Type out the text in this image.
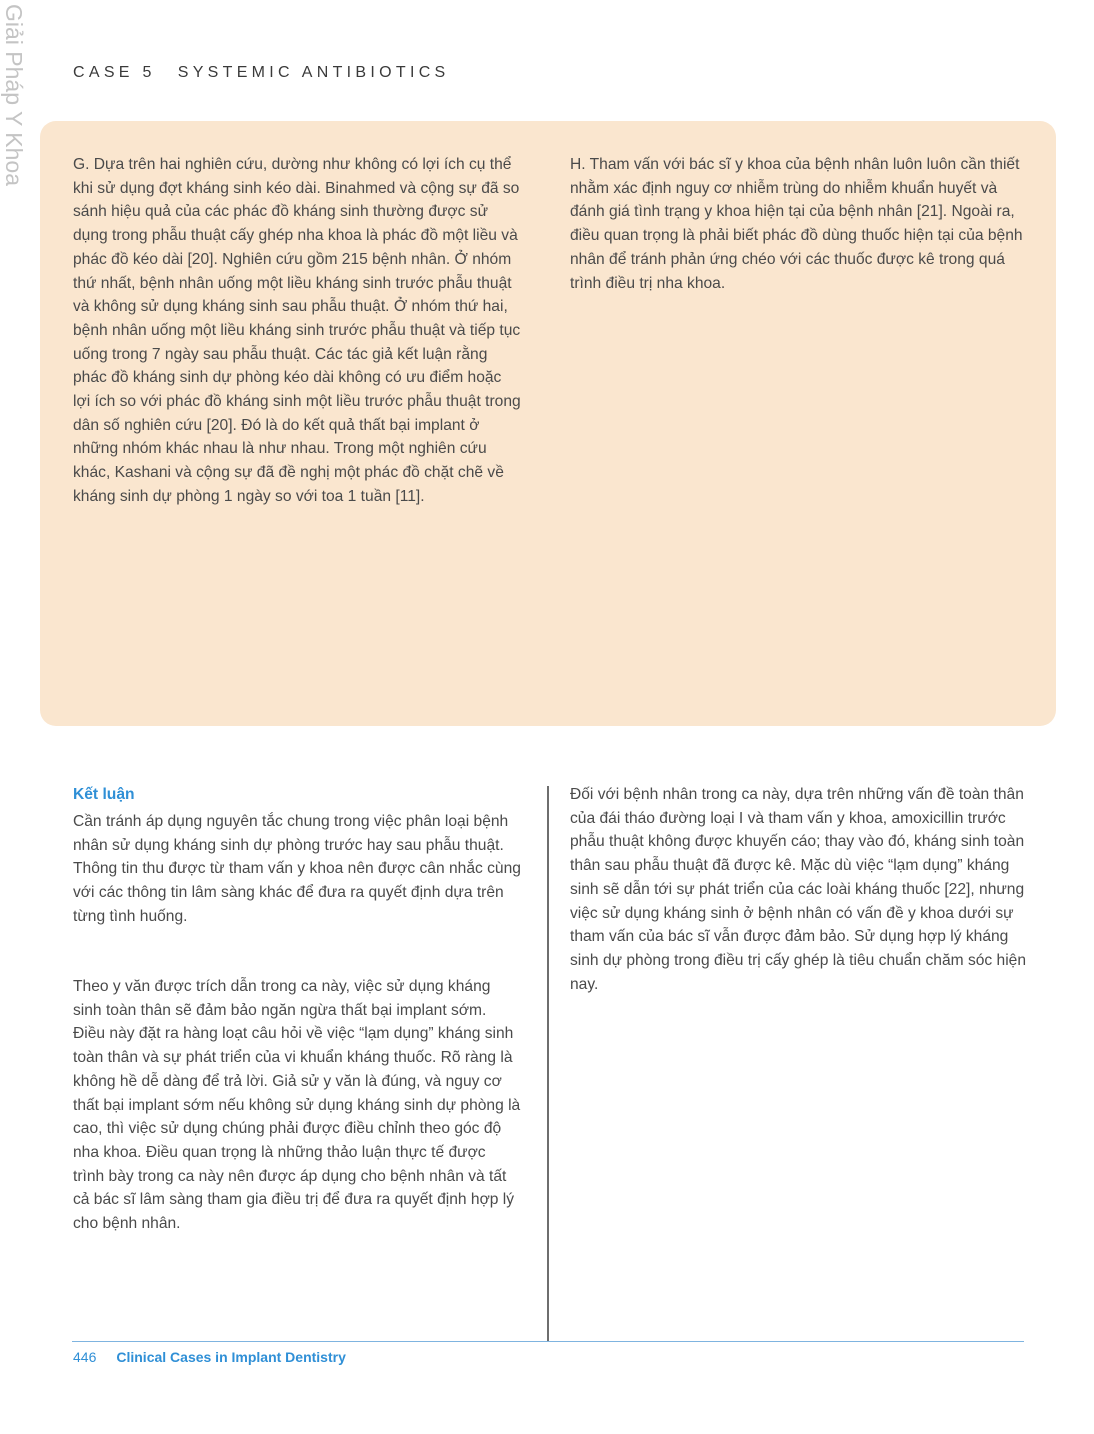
Giải Pháp Y Khoa	CASE 5 SYSTEMIC ANTIBIOTICS

G. Dựa trên hai nghiên cứu, dường như không có lợi ích cụ thể khi sử dụng đợt kháng sinh kéo dài. Binahmed và cộng sự đã so sánh hiệu quả của các phác đồ kháng sinh thường được sử dụng trong phẫu thuật cấy ghép nha khoa là phác đồ một liều và phác đồ kéo dài [20]. Nghiên cứu gồm 215 bệnh nhân. Ở nhóm thứ nhất, bệnh nhân uống một liều kháng sinh trước phẫu thuật và không sử dụng kháng sinh sau phẫu thuật. Ở nhóm thứ hai, bệnh nhân uống một liều kháng sinh trước phẫu thuật và tiếp tục uống trong 7 ngày sau phẫu thuật. Các tác giả kết luận rằng phác đồ kháng sinh dự phòng kéo dài không có ưu điểm hoặc lợi ích so với phác đồ kháng sinh một liều trước phẫu thuật trong dân số nghiên cứu [20]. Đó là do kết quả thất bại implant ở những nhóm khác nhau là như nhau. Trong một nghiên cứu khác, Kashani và cộng sự đã đề nghị một phác đồ chặt chẽ về kháng sinh dự phòng 1 ngày so với toa 1 tuần [11].

H. Tham vấn với bác sĩ y khoa của bệnh nhân luôn luôn cần thiết nhằm xác định nguy cơ nhiễm trùng do nhiễm khuẩn huyết và đánh giá tình trạng y khoa hiện tại của bệnh nhân [21]. Ngoài ra, điều quan trọng là phải biết phác đồ dùng thuốc hiện tại của bệnh nhân để tránh phản ứng chéo với các thuốc được kê trong quá trình điều trị nha khoa.

Kết luận

Cần tránh áp dụng nguyên tắc chung trong việc phân loại bệnh nhân sử dụng kháng sinh dự phòng trước hay sau phẫu thuật. Thông tin thu được từ tham vấn y khoa nên được cân nhắc cùng với các thông tin lâm sàng khác để đưa ra quyết định dựa trên từng tình huống.

Theo y văn được trích dẫn trong ca này, việc sử dụng kháng sinh toàn thân sẽ đảm bảo ngăn ngừa thất bại implant sớm. Điều này đặt ra hàng loạt câu hỏi về việc “lạm dụng” kháng sinh toàn thân và sự phát triển của vi khuẩn kháng thuốc. Rõ ràng là không hề dễ dàng để trả lời. Giả sử y văn là đúng, và nguy cơ thất bại implant sớm nếu không sử dụng kháng sinh dự phòng là cao, thì việc sử dụng chúng phải được điều chỉnh theo góc độ nha khoa. Điều quan trọng là những thảo luận thực tế được trình bày trong ca này nên được áp dụng cho bệnh nhân và tất cả bác sĩ lâm sàng tham gia điều trị để đưa ra quyết định hợp lý cho bệnh nhân.

Đối với bệnh nhân trong ca này, dựa trên những vấn đề toàn thân của đái tháo đường loại I và tham vấn y khoa, amoxicillin trước phẫu thuật không được khuyến cáo; thay vào đó, kháng sinh toàn thân sau phẫu thuật đã được kê. Mặc dù việc “lạm dụng” kháng sinh sẽ dẫn tới sự phát triển của các loài kháng thuốc [22], nhưng việc sử dụng kháng sinh ở bệnh nhân có vấn đề y khoa dưới sự tham vấn của bác sĩ vẫn được đảm bảo. Sử dụng hợp lý kháng sinh dự phòng trong điều trị cấy ghép là tiêu chuẩn chăm sóc hiện nay.

446 Clinical Cases in Implant Dentistry
